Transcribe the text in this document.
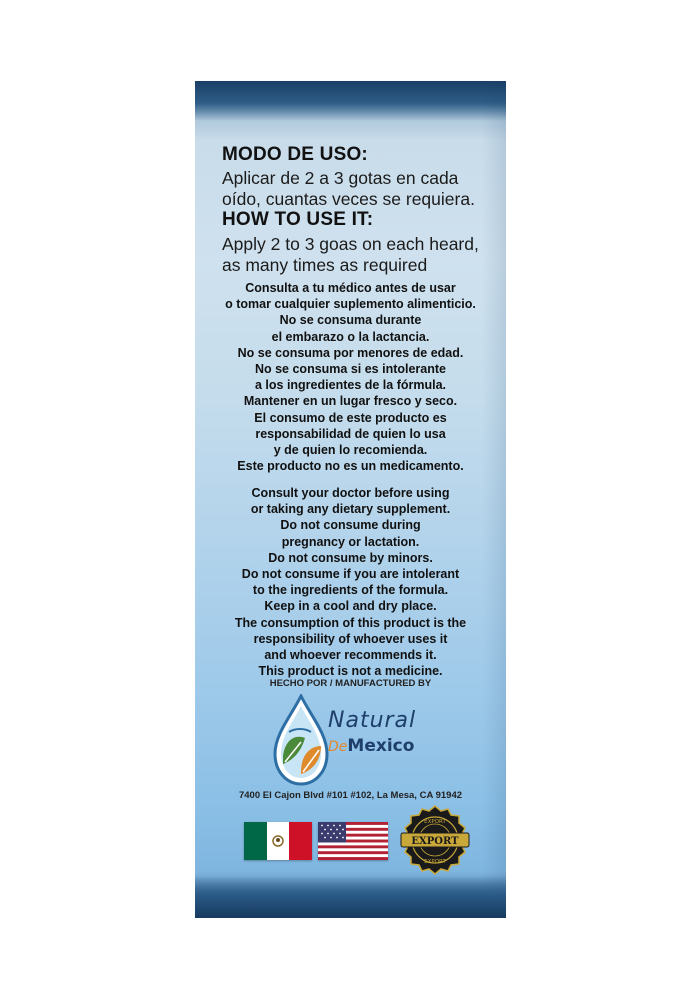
MODO DE USO:
Aplicar de 2 a 3 gotas en cada
oído, cuantas veces se requiera.
HOW TO USE IT:
Apply 2 to 3 goas on each heard,
as many times as required
Consulta a tu médico antes de usar
o tomar cualquier suplemento alimenticio.
No se consuma durante
el embarazo o la lactancia.
No se consuma por menores de edad.
No se consuma si es intolerante
a los ingredientes de la fórmula.
Mantener en un lugar fresco y seco.
El consumo de este producto es
responsabilidad de quien lo usa
y de quien lo recomienda.
Este producto no es un medicamento.
Consult your doctor before using
or taking any dietary supplement.
Do not consume during
pregnancy or lactation.
Do not consume by minors.
Do not consume if you are intolerant
to the ingredients of the formula.
Keep in a cool and dry place.
The consumption of this product is the
responsibility of whoever uses it
and whoever recommends it.
This product is not a medicine.
HECHO POR / MANUFACTURED BY
Natural
DeMexico
7400 El Cajon Blvd #101 #102, La Mesa, CA 91942
EXPORT
EXPORT
EXPORT
